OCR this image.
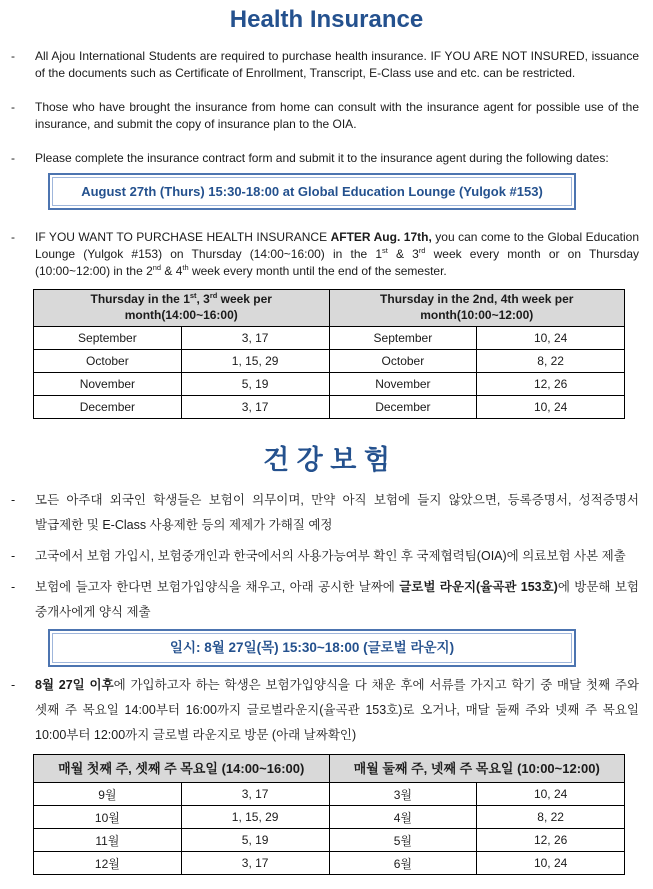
Health Insurance
-	All Ajou International Students are required to purchase health insurance. IF YOU ARE NOT INSURED, issuance of the documents such as Certificate of Enrollment, Transcript, E-Class use and etc. can be restricted.
-	Those who have brought the insurance from home can consult with the insurance agent for possible use of the insurance, and submit the copy of insurance plan to the OIA.
-	Please complete the insurance contract form and submit it to the insurance agent during the following dates:
August 27th (Thurs) 15:30-18:00 at Global Education Lounge (Yulgok #153)
-	IF YOU WANT TO PURCHASE HEALTH INSURANCE AFTER Aug. 17th, you can come to the Global Education Lounge (Yulgok #153) on Thursday (14:00~16:00) in the 1st & 3rd week every month or on Thursday (10:00~12:00) in the 2nd & 4th week every month until the end of the semester.
Thursday in the 1st, 3rd week per month(14:00~16:00)		Thursday in the 2nd, 4th week per month(10:00~12:00)	
September	3, 17	September	10, 24
October	1, 15, 29	October	8, 22
November	5, 19	November	12, 26
December	3, 17	December	10, 24
건 강 보 험
-	모든 아주대 외국인 학생들은 보험이 의무이며, 만약 아직 보험에 들지 않았으면, 등록증명서, 성적증명서 발급제한 및 E-Class 사용제한 등의 제제가 가해질 예정
-	고국에서 보험 가입시, 보험중개인과 한국에서의 사용가능여부 확인 후 국제협력팀(OIA)에 의료보험 사본 제출
-	보험에 들고자 한다면 보험가입양식을 채우고, 아래 공시한 날짜에 글로벌 라운지(율곡관 153호)에 방문해 보험 중개사에게 양식 제출
일시: 8월 27일(목) 15:30~18:00 (글로벌 라운지)
-	8월 27일 이후에 가입하고자 하는 학생은 보험가입양식을 다 채운 후에 서류를 가지고 학기 중 매달 첫째 주와 셋째 주 목요일 14:00부터 16:00까지 글로벌라운지(율곡관 153호)로 오거나, 매달 둘째 주와 넷째 주 목요일 10:00부터 12:00까지 글로벌 라운지로 방문 (아래 날짜확인)
매월 첫째 주, 셋째 주 목요일 (14:00~16:00)		매월 둘째 주, 넷째 주 목요일 (10:00~12:00)	
9월	3, 17	3월	10, 24
10월	1, 15, 29	4월	8, 22
11월	5, 19	5월	12, 26
12월	3, 17	6월	10, 24
